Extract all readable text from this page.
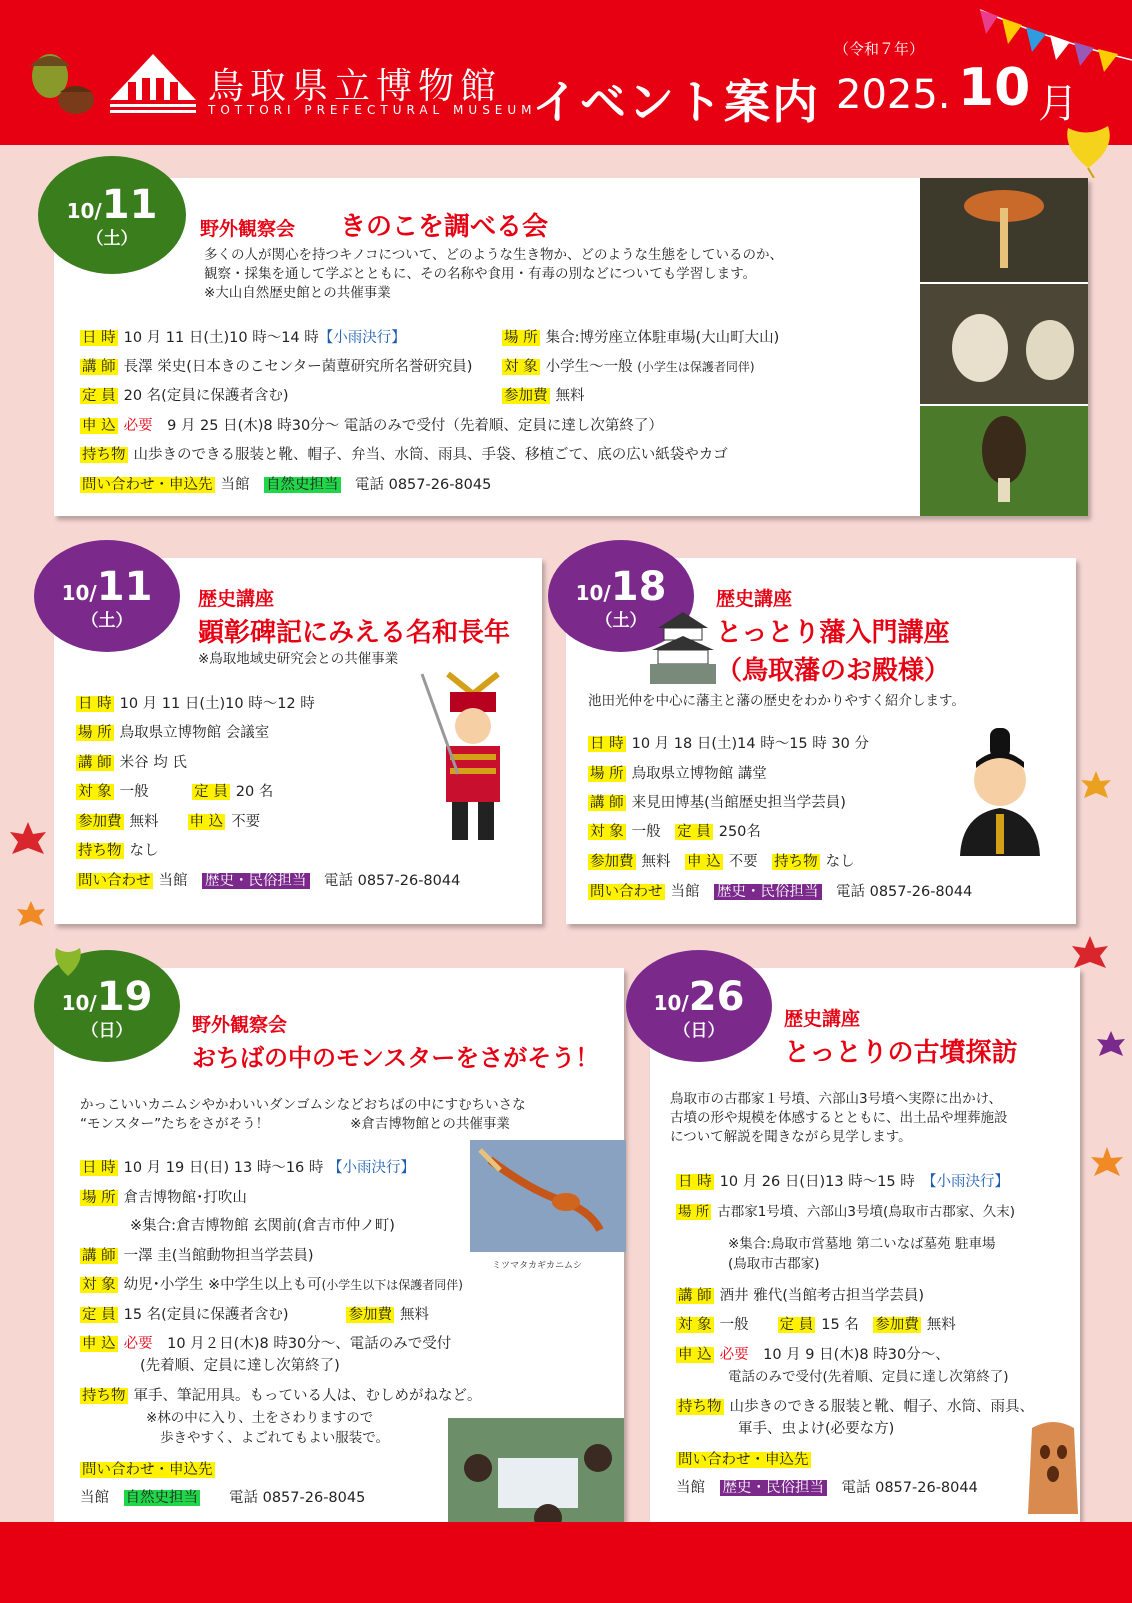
鳥取県立博物館
TOTTORI PREFECTURAL MUSEUM
イベント案内
（令和７年）
2025. 10 月
10/11
（土）	野外観察会 きのこを調べる会
多くの人が関心を持つキノコについて、どのような生き物か、どのような生態をしているのか、
観察・採集を通して学ぶとともに、その名称や食用・有毒の別などについても学習します。
※大山自然歴史館との共催事業
日 時 10 月 11 日(土)10 時～14 時【小雨決行】	場 所 集合:博労座立体駐車場(大山町大山)
講 師 長澤 栄史(日本きのこセンター菌蕈研究所名誉研究員) 対 象 小学生～一般 (小学生は保護者同伴)
定 員 20 名(定員に保護者含む)	参加費 無料
申 込 必要　 9 月 25 日(木)8 時30分～ 電話のみで受付（先着順、定員に達し次第終了）
持ち物 山歩きのできる服装と靴、帽子、弁当、水筒、雨具、手袋、移植ごて、底の広い紙袋やカゴ
問い合わせ・申込先 当館　 自然史担当　 電話 0857-26-8045
10/11
（土）
歴史講座
顕彰碑記にみえる名和長年
※鳥取地域史研究会との共催事業
日 時 10 月 11 日(土)10 時～12 時
場 所 鳥取県立博物館 会議室
講 師 米谷 均 氏
対 象 一般　　　	定 員 20 名
参加費 無料　　 申 込 不要
持ち物 なし
問い合わせ 当館　 歴史・民俗担当　 電話 0857-26-8044
10/18
（土）
歴史講座
とっとり藩入門講座
（鳥取藩のお殿様）
池田光仲を中心に藩主と藩の歴史をわかりやすく紹介します。
日 時 10 月 18 日(土)14 時～15 時 30 分
場 所 鳥取県立博物館 講堂
講 師 来見田博基(当館歴史担当学芸員)
対 象 一般　 定 員 250名
参加費 無料　 申 込 不要　 持ち物 なし
問い合わせ 当館　 歴史・民俗担当　 電話 0857-26-8044
10/19
（日）	野外観察会
おちばの中のモンスターをさがそう！
かっこいいカニムシやかわいいダンゴムシなどおちばの中にすむちいさな
“モンスター”たちをさがそう！　　　　　　	※倉吉博物館との共催事業
日 時 10 月 19 日(日) 13 時～16 時 【小雨決行】
場 所 倉吉博物館･打吹山
※集合:倉吉博物館 玄関前(倉吉市仲ノ町)
講 師 一澤 圭(当館動物担当学芸員)
対 象 幼児･小学生 ※中学生以上も可(小学生以下は保護者同伴)
定 員 15 名(定員に保護者含む)　　　　	参加費 無料
申 込 必要　 10 月２日(木)8 時30分～、電話のみで受付
(先着順、定員に達し次第終了)
持ち物 軍手、筆記用具。もっている人は、むしめがねなど。
※林の中に入り、土をさわりますので
歩きやすく、よごれてもよい服装で。
問い合わせ・申込先
当館　 自然史担当　　 電話 0857-26-8045
ミツマタカギカニムシ
10/26
（日）
歴史講座
とっとりの古墳探訪
鳥取市の古郡家１号墳、六部山3号墳へ実際に出かけ、
古墳の形や規模を体感するとともに、出土品や埋葬施設
について解説を聞きながら見学します。
日 時 10 月 26 日(日)13 時～15 時　 【小雨決行】
場 所 古郡家1号墳、六部山3号墳(鳥取市古郡家、久末)
※集合:鳥取市営墓地 第二いなば墓苑 駐車場
(鳥取市古郡家)
講 師 酒井 雅代(当館考古担当学芸員)
対 象 一般　　 定 員 15 名　 参加費 無料
申 込 必要　 10 月 9 日(木)8 時30分～、
電話のみで受付(先着順、定員に達し次第終了)
持ち物 山歩きのできる服装と靴、帽子、水筒、雨具、
軍手、虫よけ(必要な方)
問い合わせ・申込先
当館　 歴史・民俗担当　 電話 0857-26-8044
